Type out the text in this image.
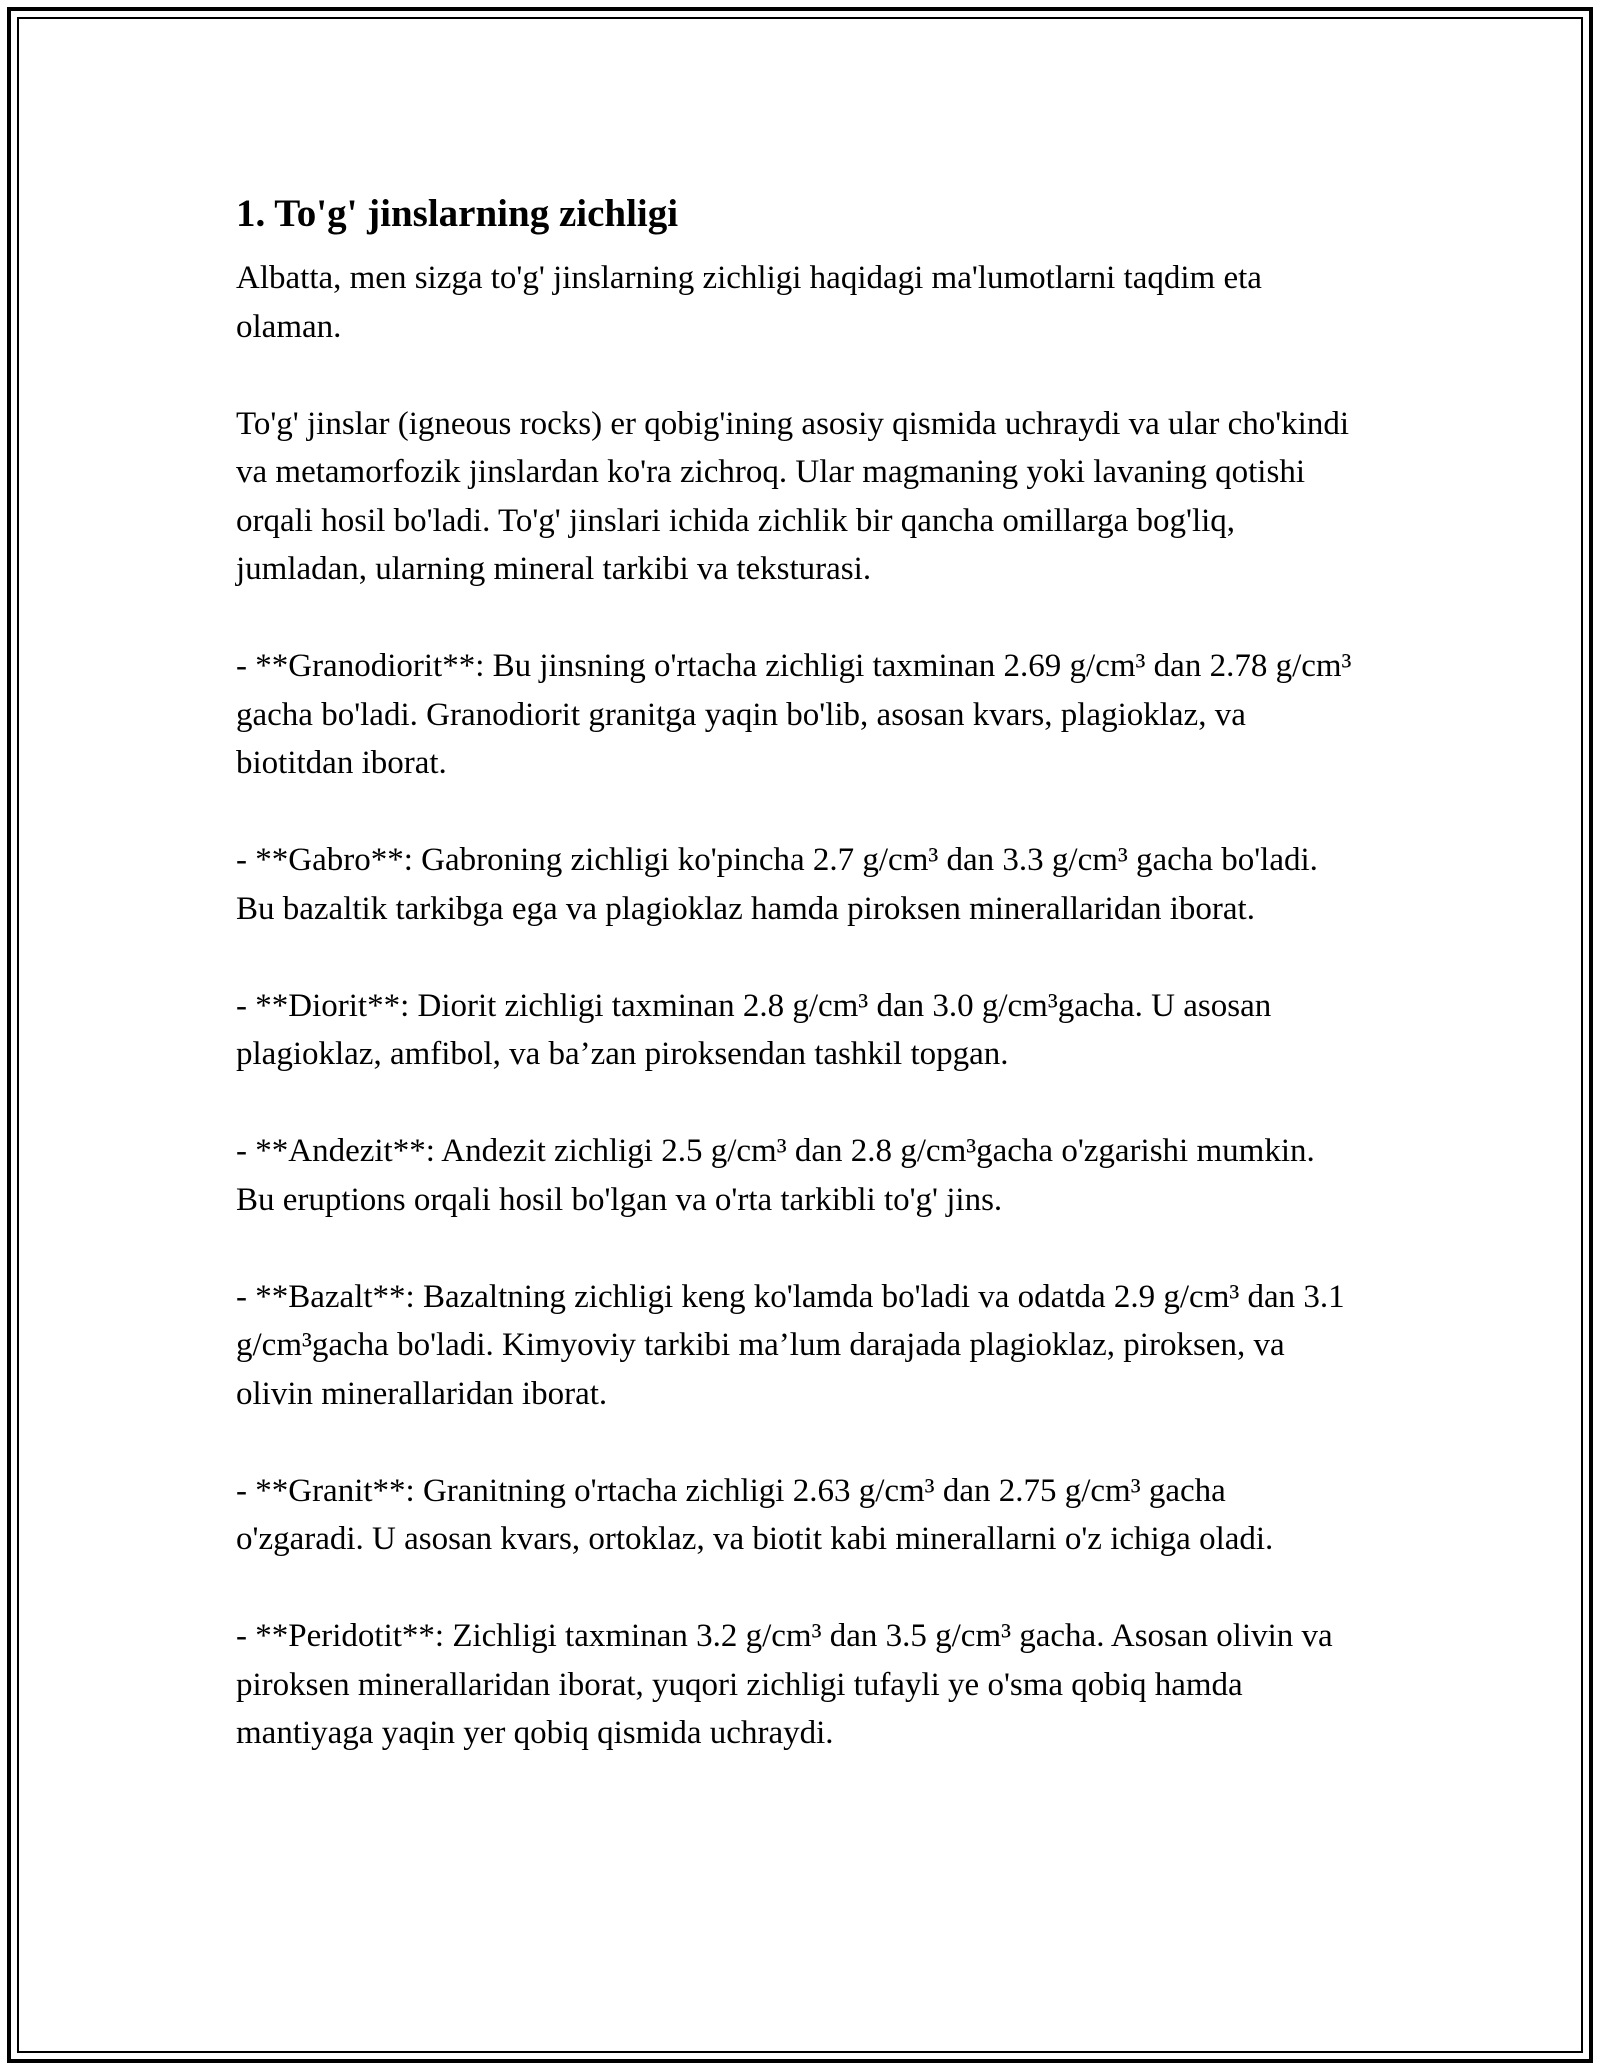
1. To'g' jinslarning zichligi

Albatta, men sizga to'g' jinslarning zichligi haqidagi ma'lumotlarni taqdim eta olaman.

To'g' jinslar (igneous rocks) er qobig'ining asosiy qismida uchraydi va ular cho'kindi va metamorfozik jinslardan ko'ra zichroq. Ular magmaning yoki lavaning qotishi orqali hosil bo'ladi. To'g' jinslari ichida zichlik bir qancha omillarga bog'liq, jumladan, ularning mineral tarkibi va teksturasi.

- **Granodiorit**: Bu jinsning o'rtacha zichligi taxminan 2.69 g/cm³ dan 2.78 g/cm³ gacha bo'ladi. Granodiorit granitga yaqin bo'lib, asosan kvars, plagioklaz, va biotitdan iborat.

- **Gabro**: Gabroning zichligi ko'pincha 2.7 g/cm³ dan 3.3 g/cm³ gacha bo'ladi. Bu bazaltik tarkibga ega va plagioklaz hamda piroksen minerallaridan iborat.

- **Diorit**: Diorit zichligi taxminan 2.8 g/cm³ dan 3.0 g/cm³gacha. U asosan plagioklaz, amfibol, va ba’zan piroksendan tashkil topgan.

- **Andezit**: Andezit zichligi 2.5 g/cm³ dan 2.8 g/cm³gacha o'zgarishi mumkin. Bu eruptions orqali hosil bo'lgan va o'rta tarkibli to'g' jins.

- **Bazalt**: Bazaltning zichligi keng ko'lamda bo'ladi va odatda 2.9 g/cm³ dan 3.1 g/cm³gacha bo'ladi. Kimyoviy tarkibi ma’lum darajada plagioklaz, piroksen, va olivin minerallaridan iborat.

- **Granit**: Granitning o'rtacha zichligi 2.63 g/cm³ dan 2.75 g/cm³ gacha o'zgaradi. U asosan kvars, ortoklaz, va biotit kabi minerallarni o'z ichiga oladi.

- **Peridotit**: Zichligi taxminan 3.2 g/cm³ dan 3.5 g/cm³ gacha. Asosan olivin va piroksen minerallaridan iborat, yuqori zichligi tufayli ye o'sma qobiq hamda mantiyaga yaqin yer qobiq qismida uchraydi.
